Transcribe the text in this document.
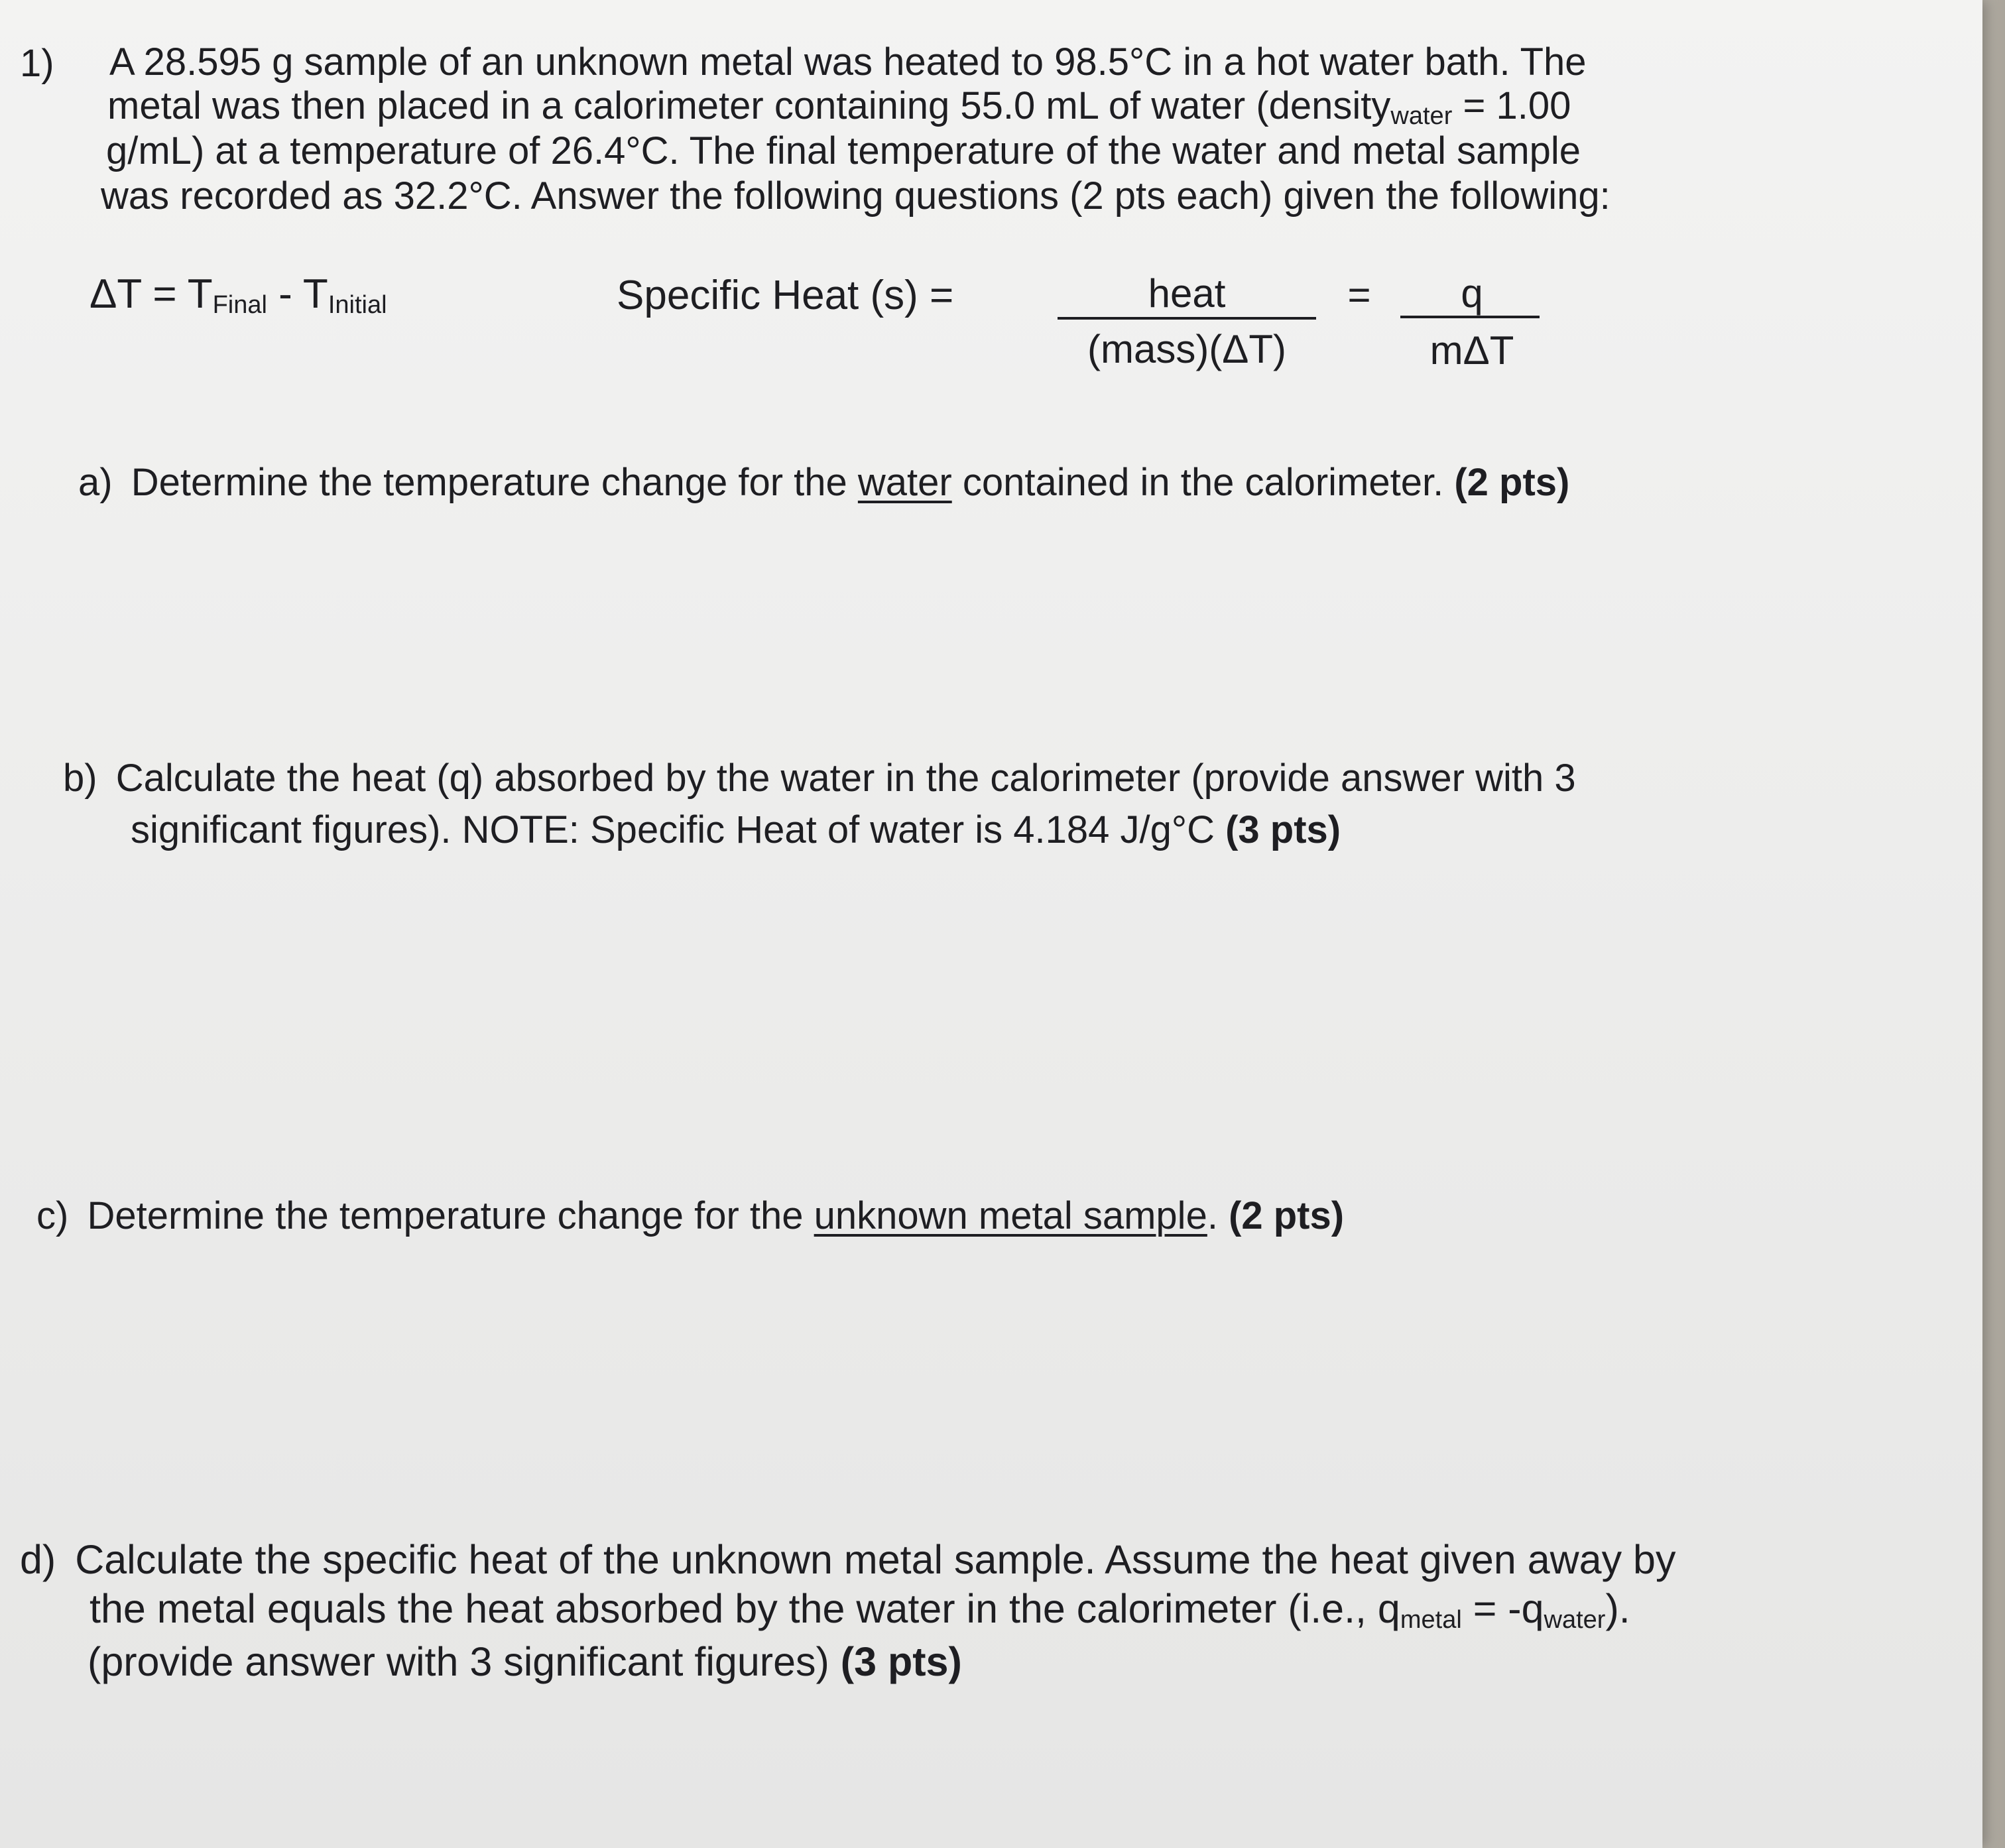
1) A 28.595 g sample of an unknown metal was heated to 98.5°C in a hot water bath. The
metal was then placed in a calorimeter containing 55.0 mL of water (densitywater = 1.00
g/mL) at a temperature of 26.4°C. The final temperature of the water and metal sample
was recorded as 32.2°C. Answer the following questions (2 pts each) given the following:
ΔT = TFinal - TInitial	Specific Heat (s) =	heat
(mass)(ΔT)
=	q
mΔT
a) Determine the temperature change for the water contained in the calorimeter. (2 pts)
b) Calculate the heat (q) absorbed by the water in the calorimeter (provide answer with 3
significant figures). NOTE: Specific Heat of water is 4.184 J/g°C (3 pts)
c) Determine the temperature change for the unknown metal sample. (2 pts)
d) Calculate the specific heat of the unknown metal sample. Assume the heat given away by
the metal equals the heat absorbed by the water in the calorimeter (i.e., qmetal = -qwater).
(provide answer with 3 significant figures) (3 pts)
